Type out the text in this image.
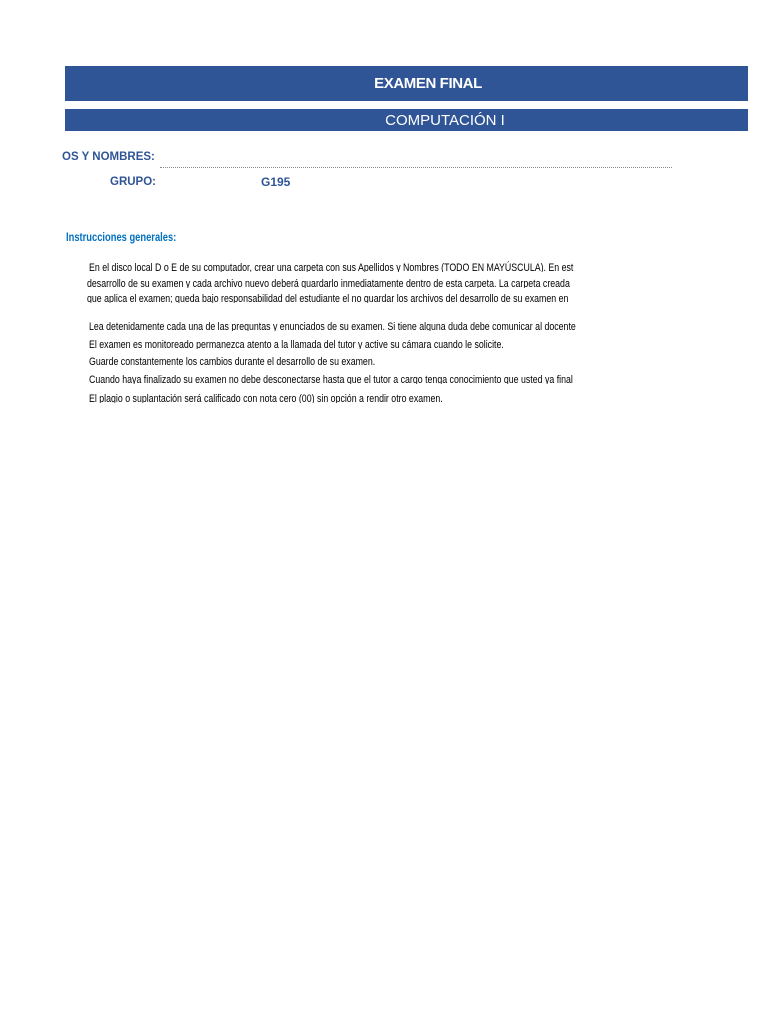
EXAMEN FINAL
COMPUTACIÓN I
OS Y NOMBRES:
GRUPO:	G195
Instrucciones generales:
En el disco local D o E de su computador, crear una carpeta con sus Apellidos y Nombres (TODO EN MAYÚSCULA). En est
desarrollo de su examen y cada archivo nuevo deberá guardarlo inmediatamente dentro de esta carpeta. La carpeta creada
que aplica el examen; queda bajo responsabilidad del estudiante el no guardar los archivos del desarrollo de su examen en
Lea detenidamente cada una de las preguntas y enunciados de su examen. Si tiene alguna duda debe comunicar al docente
El examen es monitoreado permanezca atento a la llamada del tutor y active su cámara cuando le solicite.
Guarde constantemente los cambios durante el desarrollo de su examen.
Cuando haya finalizado su examen no debe desconectarse hasta que el tutor a cargo tenga conocimiento que usted ya final
El plagio o suplantación será calificado con nota cero (00) sin opción a rendir otro examen.
